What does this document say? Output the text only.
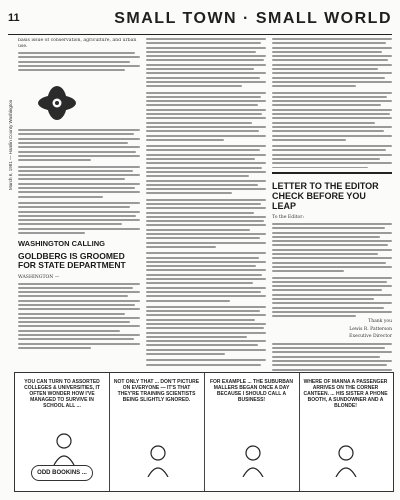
11	SMALL TOWN · SMALL WORLD
March 6, 1981 — Hamlin County Washington
basis issue of conservation, agriculture, and urban use.
WASHINGTON CALLING
GOLDBERG IS GROOMED FOR STATE DEPARTMENT
WASHINGTON —
LETTER TO THE EDITOR CHECK BEFORE YOU LEAP
To the Editor:
Thank you
Lewis R. Patterson
Executive Director
YOU CAN TURN TO ASSORTED COLLEGES & UNIVERSITIES, IT OFTEN WONDER HOW I'VE MANAGED TO SURVIVE IN SCHOOL ALL ...
ODD BOOKINS ...
NOT ONLY THAT ... DON'T PICTURE ON EVERYONE — IT'S THAT THEY'RE TRAINING SCIENTISTS BEING SLIGHTLY IGNORED.
FOR EXAMPLE ... THE SUBURBAN MALLERS BEGAN ONCE A DAY BECAUSE I SHOULD CALL A BUSINESS!
WHERE OF MANNA A PASSENGER ARRIVES ON THE CORNER CANTEEN. ... HIS SISTER A PHONE BOOTH, A SUNDOWNER AND A BLONDE!
